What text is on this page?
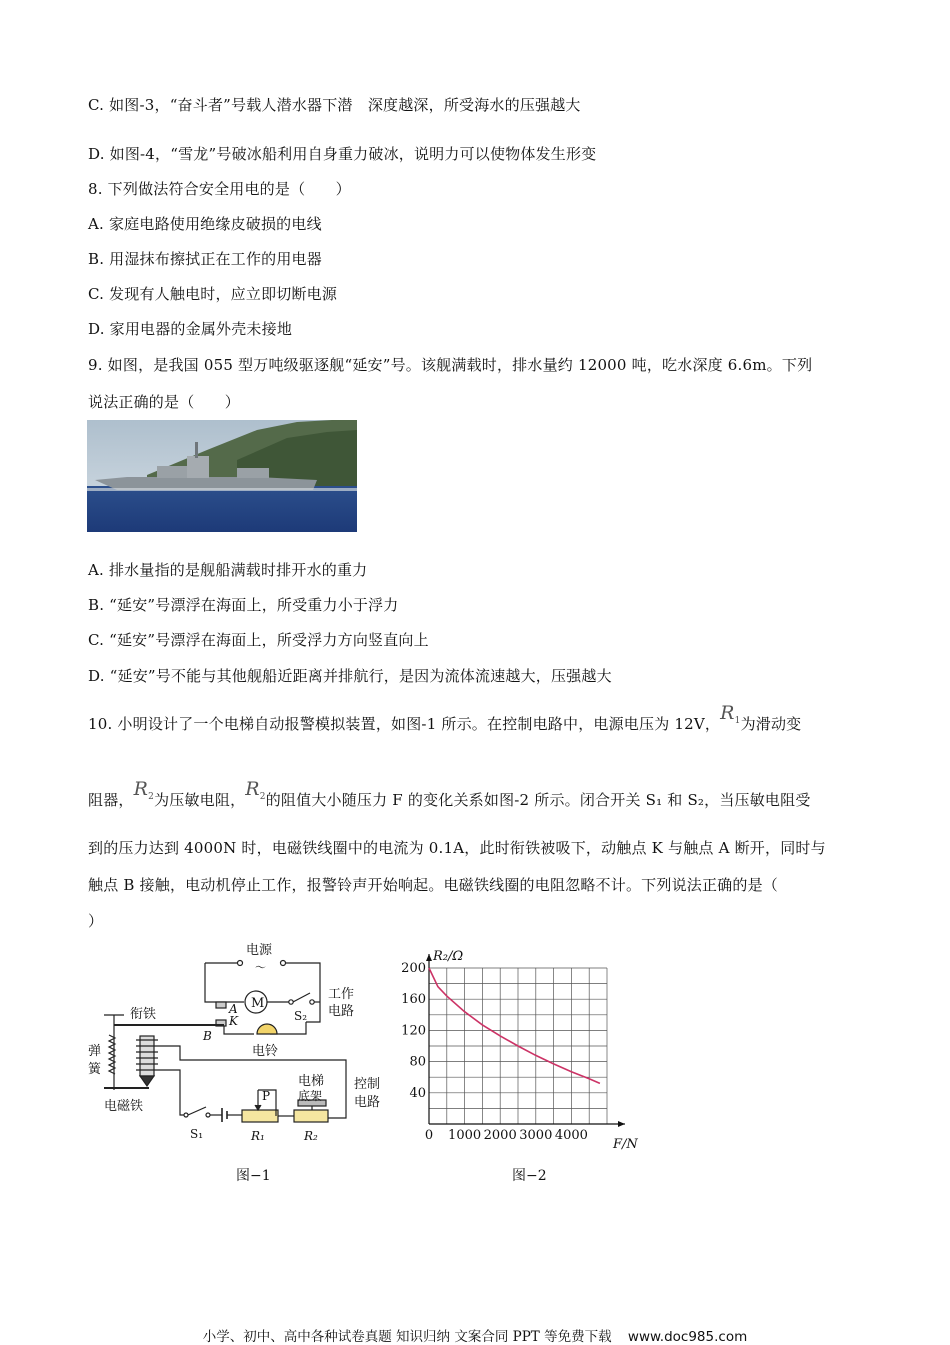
C. 如图-3，“奋斗者”号载人潜水器下潜　深度越深，所受海水的压强越大
D. 如图-4，“雪龙”号破冰船利用自身重力破冰，说明力可以使物体发生形变
8. 下列做法符合安全用电的是（　　）
A. 家庭电路使用绝缘皮破损的电线
B. 用湿抹布擦拭正在工作的用电器
C. 发现有人触电时，应立即切断电源
D. 家用电器的金属外壳未接地
9. 如图，是我国 055 型万吨级驱逐舰“延安”号。该舰满载时，排水量约 12000 吨，吃水深度 6.6m。下列
说法正确的是（　　）
A. 排水量指的是舰船满载时排开水的重力
B. “延安”号漂浮在海面上，所受重力小于浮力
C. “延安”号漂浮在海面上，所受浮力方向竖直向上
D. “延安”号不能与其他舰船近距离并排航行，是因为流体流速越大，压强越大
10. 小明设计了一个电梯自动报警模拟装置，如图-1 所示。在控制电路中，电源电压为 12V，$R^1$为滑动变
阻器，$R^2$为压敏电阻，$R^2$的阻值大小随压力 F 的变化关系如图-2 所示。闭合开关 S₁ 和 S₂，当压敏电阻受
到的压力达到 4000N 时，电磁铁线圈中的电流为 0.1A，此时衔铁被吸下，动触点 K 与触点 A 断开，同时与
触点 B 接触，电动机停止工作，报警铃声开始响起。电磁铁线圈的电阻忽略不计。下列说法正确的是（
）
电源
～
M
S₂
工作
电路
电铃
A
K
B
衔铁
弹
簧
电磁铁
S₁
P
R₁	R₂
电梯
底架
控制
电路
图−1
0 1000 2000 3000 4000
40
80
120
160
200
R₂/Ω
F/N
图−2
小学、初中、高中各种试卷真题 知识归纳 文案合同 PPT 等免费下载 www.doc985.com
